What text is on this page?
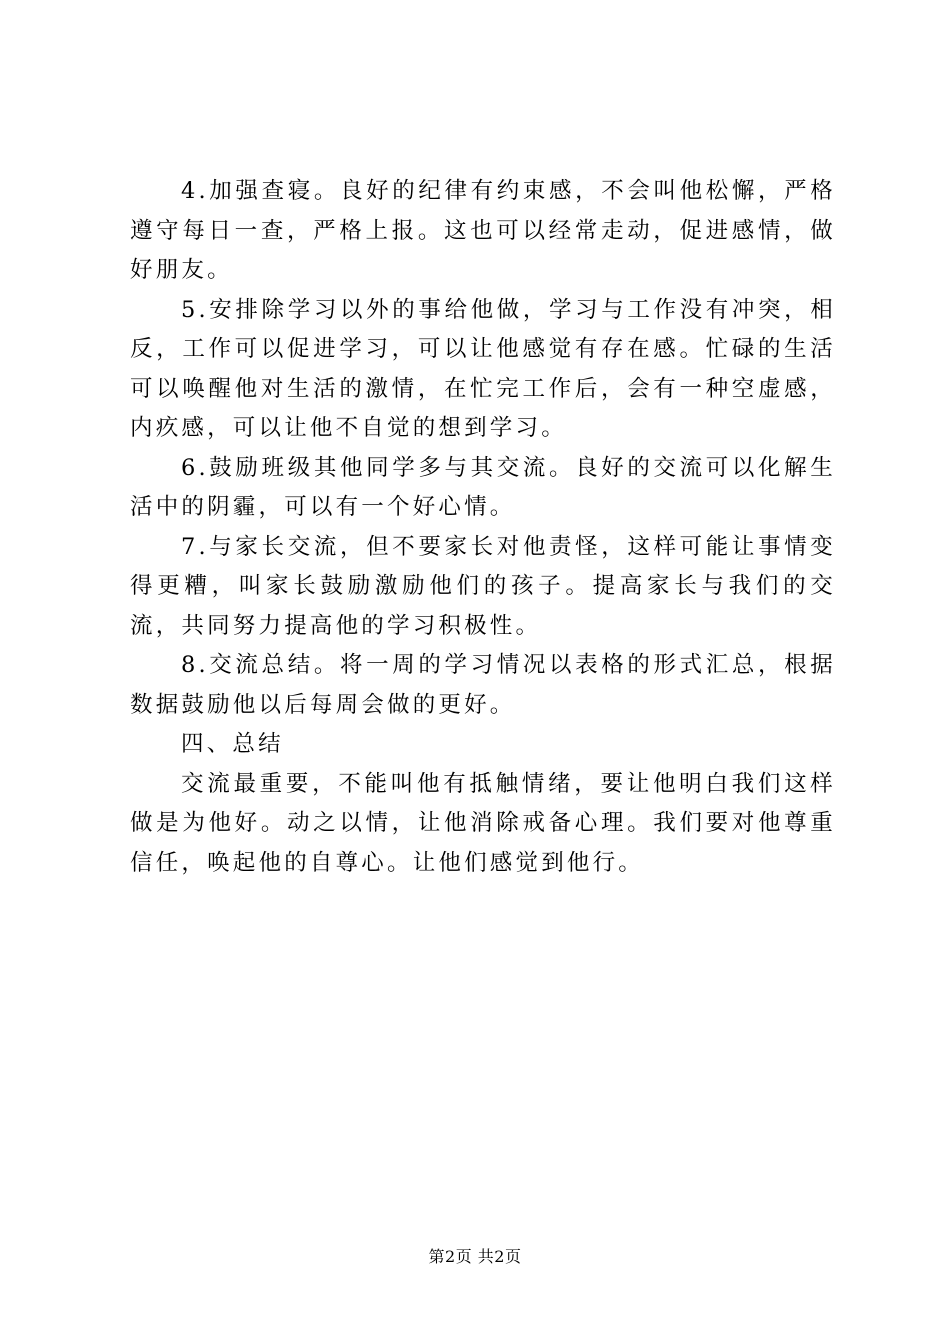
4.加强查寝。良好的纪律有约束感，不会叫他松懈，严格遵守每日一查，严格上报。这也可以经常走动，促进感情，做好朋友。

5.安排除学习以外的事给他做，学习与工作没有冲突，相反，工作可以促进学习，可以让他感觉有存在感。忙碌的生活可以唤醒他对生活的激情，在忙完工作后，会有一种空虚感，内疚感，可以让他不自觉的想到学习。

6.鼓励班级其他同学多与其交流。良好的交流可以化解生活中的阴霾，可以有一个好心情。

7.与家长交流，但不要家长对他责怪，这样可能让事情变得更糟，叫家长鼓励激励他们的孩子。提高家长与我们的交流，共同努力提高他的学习积极性。

8.交流总结。将一周的学习情况以表格的形式汇总，根据数据鼓励他以后每周会做的更好。

四、总结

交流最重要，不能叫他有抵触情绪，要让他明白我们这样做是为他好。动之以情，让他消除戒备心理。我们要对他尊重信任，唤起他的自尊心。让他们感觉到他行。

第2页 共2页
